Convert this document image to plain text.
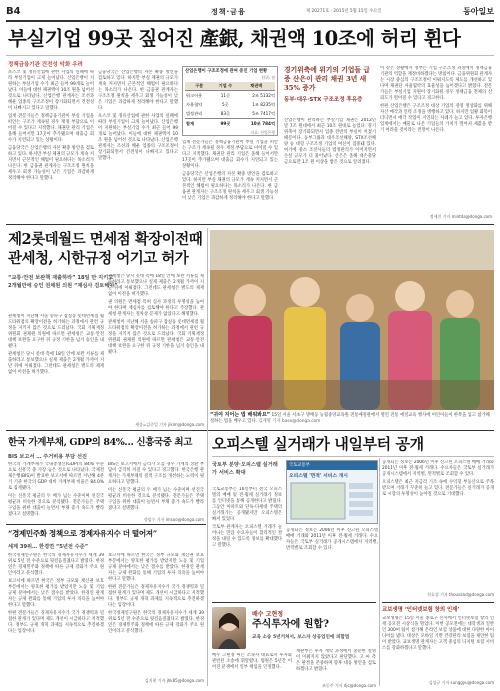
B4	정책·금융	제 20271호 · 2015년 5월 15일 수요일	동아일보
부실기업 99곳 짚어진 產銀, 채권액 10조에 허리 휜다
정책금융기관 건전성 악화 우려

포스코 및 정유산업에 관한 사업의 실패에 따라 부실기업이 크게 늘어났다. 산업은행이 지원하는 부실기업 수가 최근 들어 99개로 늘어났다. 이들에 대한 채권액이 10조 원을 넘어선 것으로 나타났다. 산업은행 관계자는 조선과 해운 업종의 구조조정이 장기화되면서 건전성이 나빠지고 있다고 말했다.

업계 전문가들은 정책금융기관이 부실 기업을 떠안는 구조가 계속될 경우 재정 부담으로 이어질 수 있다고 지적했다. 채권단 관리 기업은 올해 들어서만 17곳이 추가됐으며 대출금 회수가 지연되고 있는 상황이다.

금융당국은 산업은행의 자본 확충 방안을 검토하고 있다. 하지만 부실 채권의 규모가 계속 커지면서 근본적인 해법이 필요하다는 목소리가 나온다. 한 금융권 관계자는 구조조정 원칙을 세우고 회생 가능성이 낮은 기업은 과감하게 정리해야 한다고 말했다.

금융당국은 산업은행의 자본 확충 방안을 검토하고 있다. 하지만 부실 채권의 규모가 계속 커지면서 근본적인 해법이 필요하다는 목소리가 나온다. 한 금융권 관계자는 구조조정 원칙을 세우고 회생 가능성이 낮은 기업은 과감하게 정리해야 한다고 말했다.

포스코 및 정유산업에 관한 사업의 실패에 따라 부실기업이 크게 늘어났다. 산업은행이 지원하는 부실기업 수가 최근 들어 99개로 늘어났다. 이들에 대한 채권액이 10조 원을 넘어선 것으로 나타났다. 산업은행 관계자는 조선과 해운 업종의 구조조정이 장기화되면서 건전성이 나빠지고 있다고 말했다.

산업은행이 구조조정에 관여 중인 기업 현황
단위: 원
구분	기업 수	채권액
워크아웃	11곳	2조 5132억
자율협약	5곳	1조 8235억
법정관리	83곳	5조 7417억
합계	99곳	10조 784억
자료: 산업은행

업계 전문가들은 정책금융기관이 부실 기업을 떠안는 구조가 계속될 경우 재정 부담으로 이어질 수 있다고 지적했다. 채권단 관리 기업은 올해 들어서만 17곳이 추가됐으며 대출금 회수가 지연되고 있는 상황이다.

금융당국은 산업은행의 자본 확충 방안을 검토하고 있다. 하지만 부실 채권의 규모가 계속 커지면서 근본적인 해법이 필요하다는 목소리가 나온다. 한 금융권 관계자는 구조조정 원칙을 세우고 회생 가능성이 낮은 기업은 과감하게 정리해야 한다고 말했다.

경기위축에 위기의 기업들 급증 산은이 관리 채권 3년 새 35% 증가
동부·대우·STX 구조조정 후유증
산업은행이 관리하는 부실기업 채권은 2012년 말 7조 원대에서 최근 10조 원대로 늘었다. 경기 위축이 장기화되면서 업종 전반의 부실이 커졌기 때문이다. 동부그룹과 대우조선해양, STX조선해양 등 대형 구조조정 기업의 여신이 집중돼 있다. 여기에 중소 조선사들의 법정관리가 이어지면서 손실 규모가 더 불어났다. 산은은 올해 대손충당금으로만 1조 원 이상을 쌓은 것으로 알려졌다.

이 같은 상황에서 정부는 기업 구조조정 과정에서 정책금융기관의 역할을 재정비하겠다는 방침이다. 금융위원회 관계자는 시장 중심의 구조조정이 이뤄지도록 제도를 개선하고 있다며 채권단 자율협약의 효율성을 높이겠다고 밝혔다. 전문가들은 부실기업 지원이 장기화될 경우 정책금융 전체의 신뢰도가 떨어질 수 있다고 경고한다.

한편 산업은행은 구조조정 대상 기업의 경영 정상화를 위해 자산 매각과 인력 조정을 병행하고 있다. 하지만 업황 회복이 더디면서 매각 작업이 지연되는 사례가 늘고 있다. 투자은행 업계에서는 매물로 나온 기업들의 가치가 떨어져 제값을 받기 어려울 것이라는 전망이 나온다.

정세진 기자 mint4a@donga.com
제2롯데월드 면세점 확장이전때 관세청, 시한규정 어기고 허가
“교통·안전 보완책 재출하라” 18일 만 지키고 2개월만에 승인 권채원 의원 “재심사 검토해야”

관세청이 지난해 서울 송파구 잠실동 롯데면세점 월드타워점의 확장이전을 허가하는 과정에서 관련 규정을 지키지 않은 것으로 드러났다. 국회 기획재정위원회 권채원 의원에 따르면 관세청은 교통·안전 대책 보완을 요구한 뒤 규정 기한을 넘겨 승인을 내줬다.

관세청은 당시 롯데 측에 18일 안에 보완 서류를 제출하라고 통보했으나 실제 제출은 2개월 가까이 지난 뒤에 이뤄졌다. 그런데도 관세청은 별도의 제재 없이 이전을 허가했다.

관세청은 당시 롯데 측에 18일 안에 보완 서류를 제출하라고 통보했으나 실제 제출은 2개월 가까이 지난 뒤에 이뤄졌다. 그런데도 관세청은 별도의 제재 없이 이전을 허가했다.

권 의원은 면세점 특허 심사 과정의 투명성을 높여야 한다며 재심사를 검토해야 한다고 주장했다. 관세청 관계자는 절차상 문제가 없었다고 해명했다.

관세청이 지난해 서울 송파구 잠실동 롯데면세점 월드타워점의 확장이전을 허가하는 과정에서 관련 규정을 지키지 않은 것으로 드러났다. 국회 기획재정위원회 권채원 의원에 따르면 관세청은 교통·안전 대책 보완을 요구한 뒤 규정 기한을 넘겨 승인을 내줬다.

세종=김준일 기자 jikim@donga.com
“귀여 지어는 법 배워봐요” 15일 서울 서초구 방배동 농협중앙교육원 전통예절관에서 열린 전통 예절교육 행사에 어린이들이 한복을 입고 참가해 절하는 법을 배우고 있다. 김재명 기자 base@donga.com
한국 가계부채, GDP의 84%… 신흥국중 최고
BIS 보고서 … 주거비용 부담 선진

한국의 가계부채가 국내총생산(GDP)의 84% 수준으로 신흥국 중 가장 높은 것으로 나타났다. 국제결제은행(BIS)이 발표한 보고서에 따르면 지난해 4분기 기준 한국의 GDP 대비 가계부채 비율은 84.0%로 집계됐다.

이는 신흥국 평균의 두 배가 넘는 수준이며 선진국 평균과 비슷한 것으로 분석됐다. 전문가들은 주택 구입을 위한 대출이 늘면서 부채 증가 속도가 빨라졌다고 설명했다.

BIS는 보고서에서 금리가 오를 경우 가계의 상환 부담이 급격히 커질 수 있다고 경고했다. 한국은행 관계자는 가계부채의 질적 구조를 개선하는 노력이 필요하다고 말했다.

이는 신흥국 평균의 두 배가 넘는 수준이며 선진국 평균과 비슷한 것으로 분석됐다. 전문가들은 주택 구입을 위한 대출이 늘면서 부채 증가 속도가 빨라졌다고 설명했다.

정임수 기자 imsoo@donga.com
오피스텔 실거래가 내일부터 공개
국토부 분양·오피스텔 실거래가 서비스 확대

국토교통부는 16일부터 전국 오피스텔의 매매 및 전·월세 실거래가 정보를 인터넷을 통해 공개한다고 밝혔다. 그동안 아파트와 단독·다세대 주택의 실거래가는 공개됐지만 오피스텔은 빠져 있었다.

국토부 관계자는 오피스텔 거래가 늘어나는 만큼 수요자들이 합리적인 결정을 내릴 수 있도록 정보를 확대했다고 말했다.

국토교통부
오피스텔 '면적' 서비스 개시

공개되는 정보는 2006년 이후 신고된 오피스텔 매매 거래와 2011년 이후 전·월세 거래다. 수요자들은 국토부 실거래가 공개시스템에서 지역별, 면적별로 조회할 수 있다.

공개되는 정보는 2006년 이후 신고된 오피스텔 매매 거래와 2011년 이후 전·월세 거래다. 수요자들은 국토부 실거래가 공개시스템에서 지역별, 면적별로 조회할 수 있다.

오피스텔은 최근 저금리 기조 속에 수익형 부동산으로 주목받으며 거래가 꾸준히 늘고 있다. 전문가들은 실거래가 공개로 시장의 투명성이 높아질 것으로 기대했다.

천호성 기자 thousand@donga.com
“경제민주화 정책으로 경제자유지수 더 떨어져”
세계 39위… 한경연 “5년전 수준”

한국경제연구원은 한국의 경제자유지수가 세계 39위로 5년 전 수준으로 뒷걸음질쳤다고 밝혔다. 한경연은 경제민주화 정책에 따른 규제 강화가 주요 원인이라고 분석했다.

보고서에 따르면 한국은 정부 규모와 재산권 보호 부문에서는 양호한 평가를 받았지만 노동 및 기업 규제 분야에서는 낮은 점수를 받았다. 한경연 관계자는 규제 완화를 통해 기업의 투자 의욕을 높여야 한다고 말했다.

한편 전문가들은 경제자유지수가 국가 경쟁력과 밀접한 관계가 있다며 제도 개선이 시급하다고 지적했다. 정부도 규제 개혁 과제를 지속적으로 추진하겠다는 입장이다.

보고서에 따르면 한국은 정부 규모와 재산권 보호 부문에서는 양호한 평가를 받았지만 노동 및 기업 규제 분야에서는 낮은 점수를 받았다. 한경연 관계자는 규제 완화를 통해 기업의 투자 의욕을 높여야 한다고 말했다.

한편 전문가들은 경제자유지수가 국가 경쟁력과 밀접한 관계가 있다며 제도 개선이 시급하다고 지적했다. 정부도 규제 개혁 과제를 지속적으로 추진하겠다는 입장이다.

한국경제연구원은 한국의 경제자유지수가 세계 39위로 5년 전 수준으로 뒷걸음질쳤다고 밝혔다. 한경연은 경제민주화 정책에 따른 규제 강화가 주요 원인이라고 분석했다.

김지현 기자 jhk85@donga.com
배수 고현정
주식투자에 원합?
교육 소송 5년거쳐서, 보스자 상공업인에 피합법

배우 고현정 씨는 소속사 대표로서 투자와 관련된 소송에 휘말렸다. 법원은 5년간 이어진 분쟁에서 일부 책임을 인정했다.

재판부는 투자 계약 과정에서 충분한 설명이 이뤄지지 않았다고 판단했다. 고 씨 측은 판결을 존중하며 향후 대응 방안을 검토하겠다고 밝혔다.

조동주 기자 djc@donga.com
교보생명 ‘인터넷보험 창의 인재’
교보생명은 15일 서울 종로구 본사에서 인터넷보험 창의 인재 공모전 시상식을 열었다. 이번 공모전에는 대학생과 일반인 300여 팀이 참가해 온라인 보험 상품에 대한 다양한 아이디어를 냈다. 대상은 모바일 기반 건강관리 보험을 제안한 팀이 받았다. 교보생명 관계자는 고객 중심의 디지털 보험 서비스를 강화하겠다고 말했다.
김성규 기자 sunggyu@donga.com
